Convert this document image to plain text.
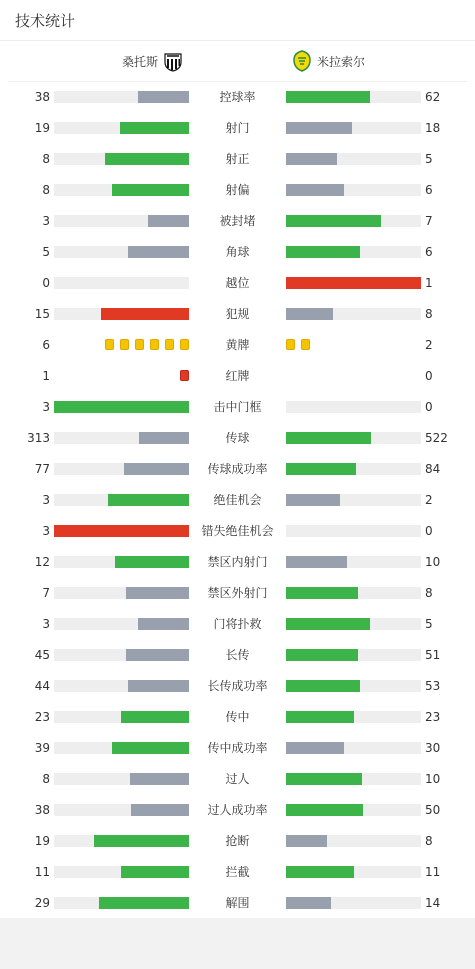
技术统计
桑托斯	米拉索尔
38	控球率	62
19	射门	18
8	射正	5
8	射偏	6
3	被封堵	7
5	角球	6
0	越位	1
15	犯规	8
6	黄牌	2
1	红牌	0
3	击中门框	0
313	传球	522
77	传球成功率	84
3	绝佳机会	2
3	错失绝佳机会	0
12	禁区内射门	10
7	禁区外射门	8
3	门将扑救	5
45	长传	51
44	长传成功率	53
23	传中	23
39	传中成功率	30
8	过人	10
38	过人成功率	50
19	抢断	8
11	拦截	11
29	解围	14
